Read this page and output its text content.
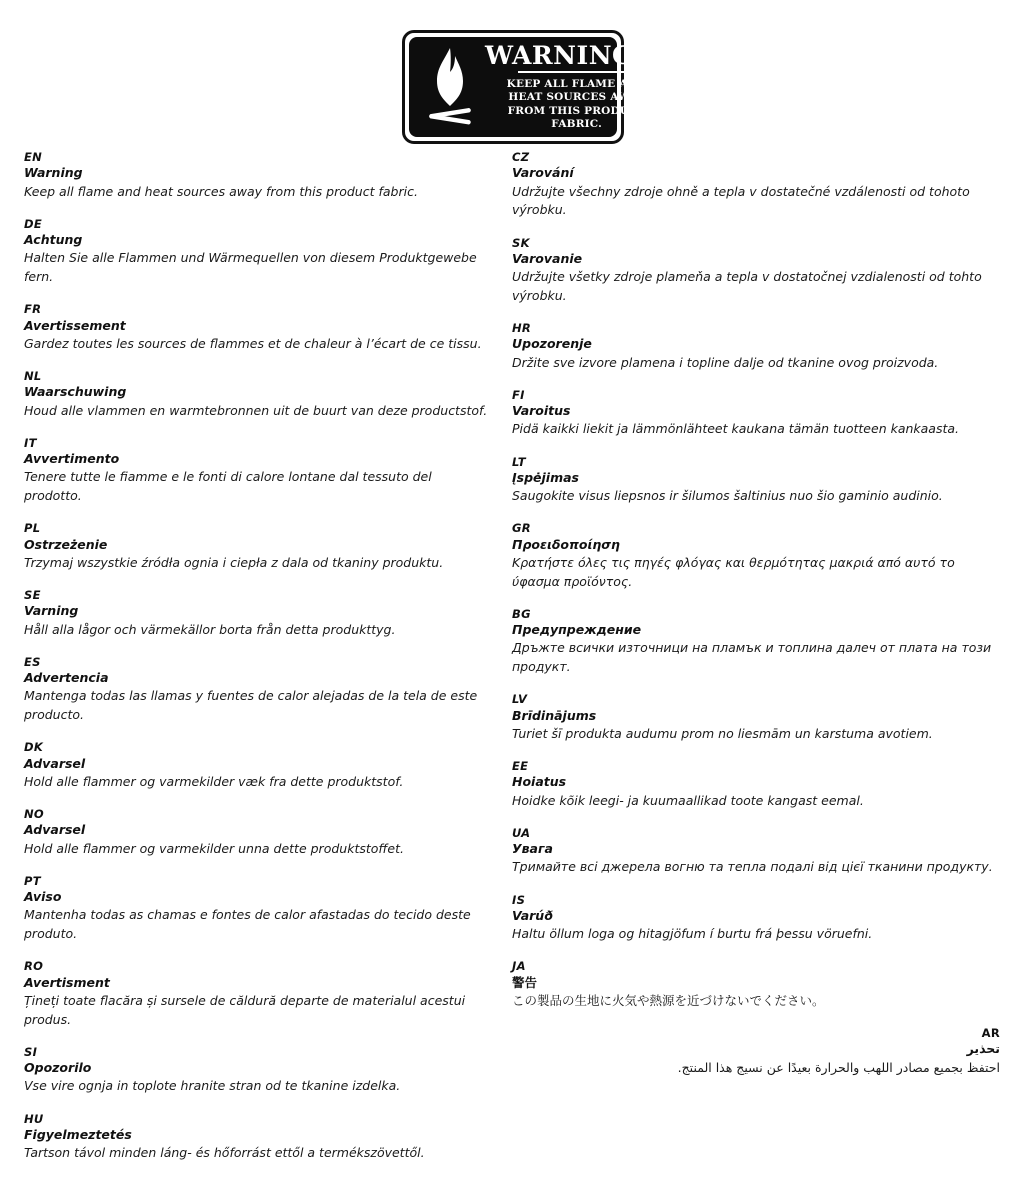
WARNING!!!
KEEP ALL FLAME AND
HEAT SOURCES AWAY
FROM THIS PRODUCT
FABRIC.
EN
Warning
Keep all flame and heat sources away from this product fabric.
DE
Achtung
Halten Sie alle Flammen und Wärmequellen von diesem Produktgewebe fern.
FR
Avertissement
Gardez toutes les sources de flammes et de chaleur à l’écart de ce tissu.
NL
Waarschuwing
Houd alle vlammen en warmtebronnen uit de buurt van deze productstof.
IT
Avvertimento
Tenere tutte le fiamme e le fonti di calore lontane dal tessuto del prodotto.
PL
Ostrzeżenie
Trzymaj wszystkie źródła ognia i ciepła z dala od tkaniny produktu.
SE
Varning
Håll alla lågor och värmekällor borta från detta produkttyg.
ES
Advertencia
Mantenga todas las llamas y fuentes de calor alejadas de la tela de este producto.
DK
Advarsel
Hold alle flammer og varmekilder væk fra dette produktstof.
NO
Advarsel
Hold alle flammer og varmekilder unna dette produktstoffet.
PT
Aviso
Mantenha todas as chamas e fontes de calor afastadas do tecido deste produto.
RO
Avertisment
Țineți toate flacăra și sursele de căldură departe de materialul acestui produs.
SI
Opozorilo
Vse vire ognja in toplote hranite stran od te tkanine izdelka.
HU
Figyelmeztetés
Tartson távol minden láng- és hőforrást ettől a termékszövettől.
CZ
Varování
Udržujte všechny zdroje ohně a tepla v dostatečné vzdálenosti od tohoto výrobku.
SK
Varovanie
Udržujte všetky zdroje plameňa a tepla v dostatočnej vzdialenosti od tohto výrobku.
HR
Upozorenje
Držite sve izvore plamena i topline dalje od tkanine ovog proizvoda.
FI
Varoitus
Pidä kaikki liekit ja lämmönlähteet kaukana tämän tuotteen kankaasta.
LT
Įspėjimas
Saugokite visus liepsnos ir šilumos šaltinius nuo šio gaminio audinio.
GR
Προειδοποίηση
Κρατήστε όλες τις πηγές φλόγας και θερμότητας μακριά από αυτό το ύφασμα προϊόντος.
BG
Предупреждение
Дръжте всички източници на пламък и топлина далеч от плата на този продукт.
LV
Brīdinājums
Turiet šī produkta audumu prom no liesmām un karstuma avotiem.
EE
Hoiatus
Hoidke kõik leegi- ja kuumaallikad toote kangast eemal.
UA
Увага
Тримайте всі джерела вогню та тепла подалі від цієї тканини продукту.
IS
Varúð
Haltu öllum loga og hitagjöfum í burtu frá þessu vöruefni.
JA
警告
この製品の生地に火気や熱源を近づけないでください。
AR
تحذير
احتفظ بجميع مصادر اللهب والحرارة بعيدًا عن نسيج هذا المنتج.
